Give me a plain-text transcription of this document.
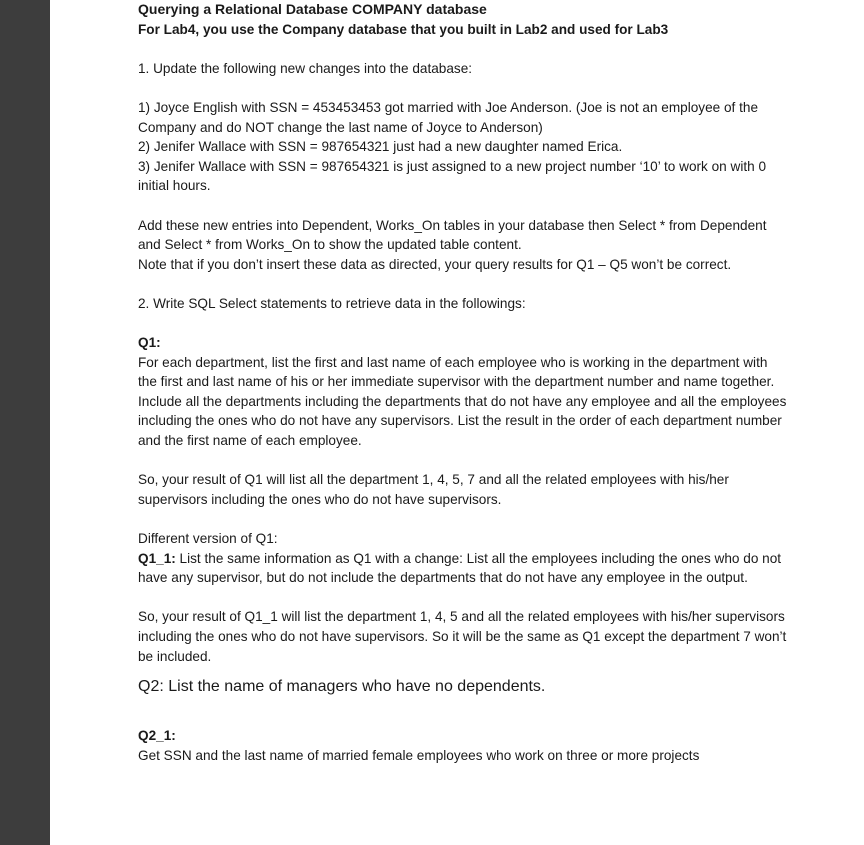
Querying a Relational Database COMPANY database

For Lab4, you use the Company database that you built in Lab2 and used for Lab3

1. Update the following new changes into the database:

1) Joyce English with SSN = 453453453 got married with Joe Anderson. (Joe is not an employee of the Company and do NOT change the last name of Joyce to Anderson)

2) Jenifer Wallace with SSN = 987654321 just had a new daughter named Erica.

3) Jenifer Wallace with SSN = 987654321 is just assigned to a new project number ‘10’ to work on with 0 initial hours.

Add these new entries into Dependent, Works_On tables in your database then Select * from Dependent and Select * from Works_On to show the updated table content.

Note that if you don’t insert these data as directed, your query results for Q1 – Q5 won’t be correct.

2. Write SQL Select statements to retrieve data in the followings:

Q1:

For each department, list the first and last name of each employee who is working in the department with the first and last name of his or her immediate supervisor with the department number and name together. Include all the departments including the departments that do not have any employee and all the employees including the ones who do not have any supervisors. List the result in the order of each department number and the first name of each employee.

So, your result of Q1 will list all the department 1, 4, 5, 7 and all the related employees with his/her supervisors including the ones who do not have supervisors.

Different version of Q1:

Q1_1: List the same information as Q1 with a change: List all the employees including the ones who do not have any supervisor, but do not include the departments that do not have any employee in the output.

So, your result of Q1_1 will list the department 1, 4, 5 and all the related employees with his/her supervisors including the ones who do not have supervisors. So it will be the same as Q1 except the department 7 won’t be included.

Q2: List the name of managers who have no dependents.

Q2_1:

Get SSN and the last name of married female employees who work on three or more projects
